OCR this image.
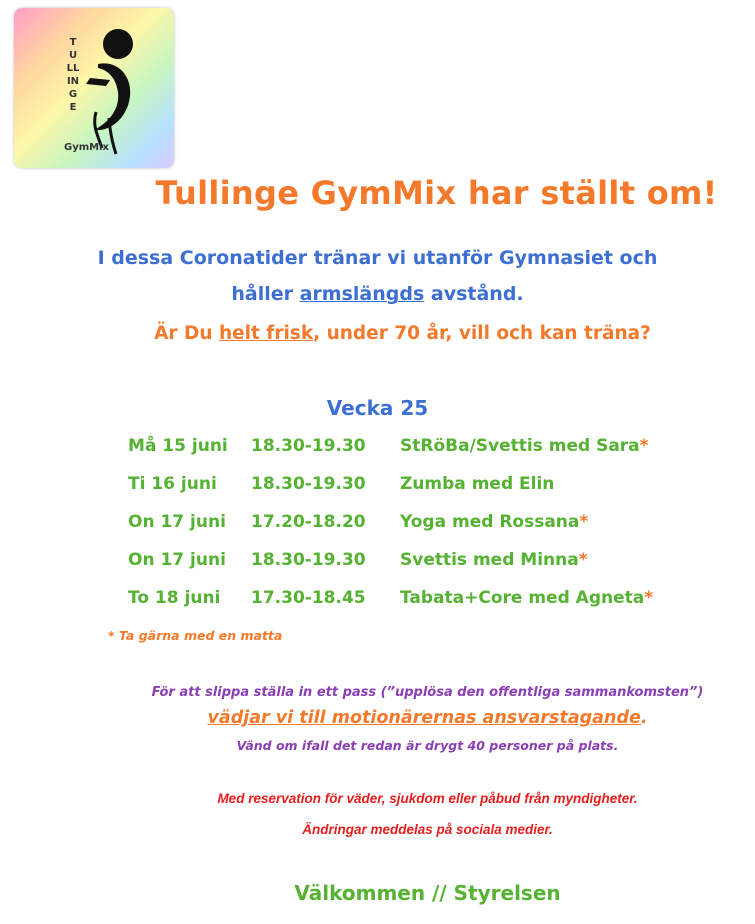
TULLINGE
GymMix
Tullinge GymMix har ställt om!
I dessa Coronatider tränar vi utanför Gymnasiet och
håller armslängds avstånd.
Är Du helt frisk, under 70 år, vill och kan träna?
Vecka 25
Må 15 juni 18.30-19.30 StRöBa/Svettis med Sara*
Ti 16 juni 18.30-19.30 Zumba med Elin
On 17 juni 17.20-18.20 Yoga med Rossana*
On 17 juni 18.30-19.30 Svettis med Minna*
To 18 juni 17.30-18.45 Tabata+Core med Agneta*
* Ta gärna med en matta
För att slippa ställa in ett pass (”upplösa den offentliga sammankomsten”)
vädjar vi till motionärernas ansvarstagande.
Vänd om ifall det redan är drygt 40 personer på plats.
Med reservation för väder, sjukdom eller påbud från myndigheter.
Ändringar meddelas på sociala medier.
Välkommen // Styrelsen
